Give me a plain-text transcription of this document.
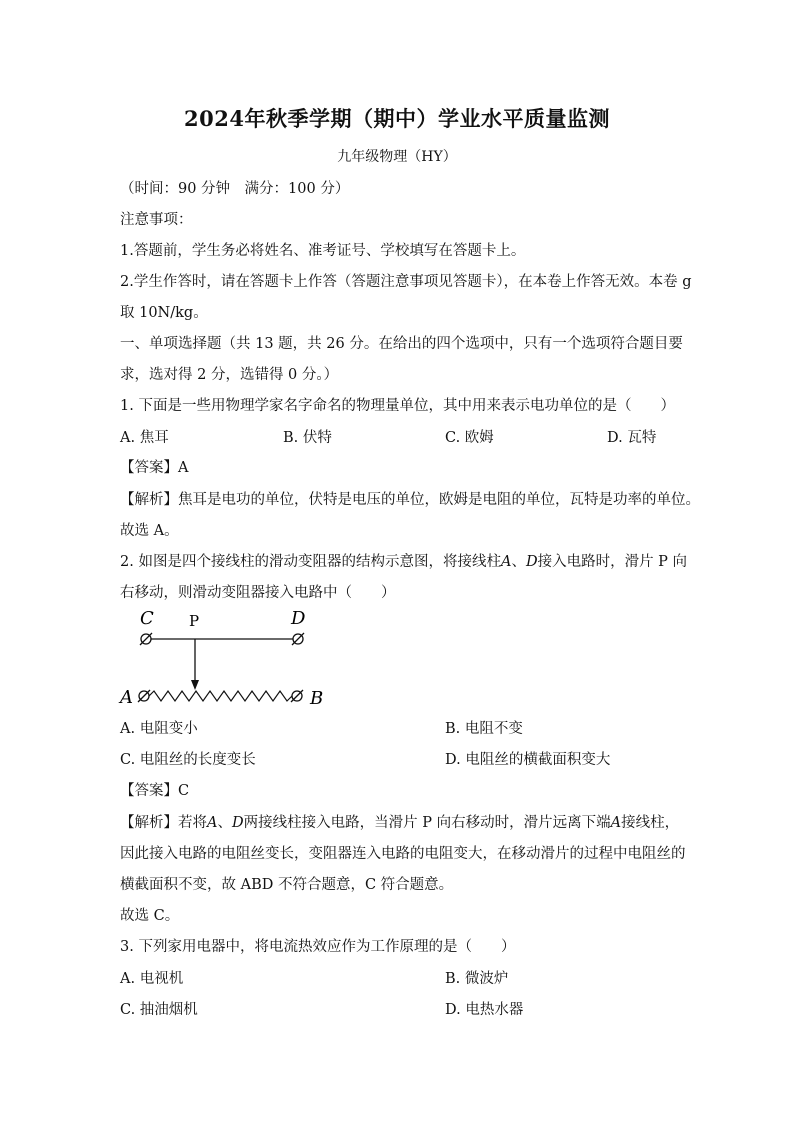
2024年秋季学期（期中）学业水平质量监测
九年级物理（HY）
（时间：90 分钟　满分：100 分）
注意事项：
1.答题前，学生务必将姓名、准考证号、学校填写在答题卡上。
2.学生作答时，请在答题卡上作答（答题注意事项见答题卡），在本卷上作答无效。本卷 g
取 10N/kg。
一、单项选择题（共 13 题，共 26 分。在给出的四个选项中，只有一个选项符合题目要
求，选对得 2 分，选错得 0 分。）
1. 下面是一些用物理学家名字命名的物理量单位，其中用来表示电功单位的是（　　）
A. 焦耳	B. 伏特	C. 欧姆	D. 瓦特
【答案】A
【解析】焦耳是电功的单位，伏特是电压的单位，欧姆是电阻的单位，瓦特是功率的单位。
故选 A。
2. 如图是四个接线柱的滑动变阻器的结构示意图，将接线柱A、D接入电路时，滑片 P 向
右移动，则滑动变阻器接入电路中（　　）
C P	D
A	B
A. 电阻变小	B. 电阻不变
C. 电阻丝的长度变长	D. 电阻丝的横截面积变大
【答案】C
【解析】若将A、D两接线柱接入电路，当滑片 P 向右移动时，滑片远离下端A接线柱，
因此接入电路的电阻丝变长，变阻器连入电路的电阻变大，在移动滑片的过程中电阻丝的
横截面积不变，故 ABD 不符合题意，C 符合题意。
故选 C。
3. 下列家用电器中，将电流热效应作为工作原理的是（　　）
A. 电视机	B. 微波炉
C. 抽油烟机	D. 电热水器
